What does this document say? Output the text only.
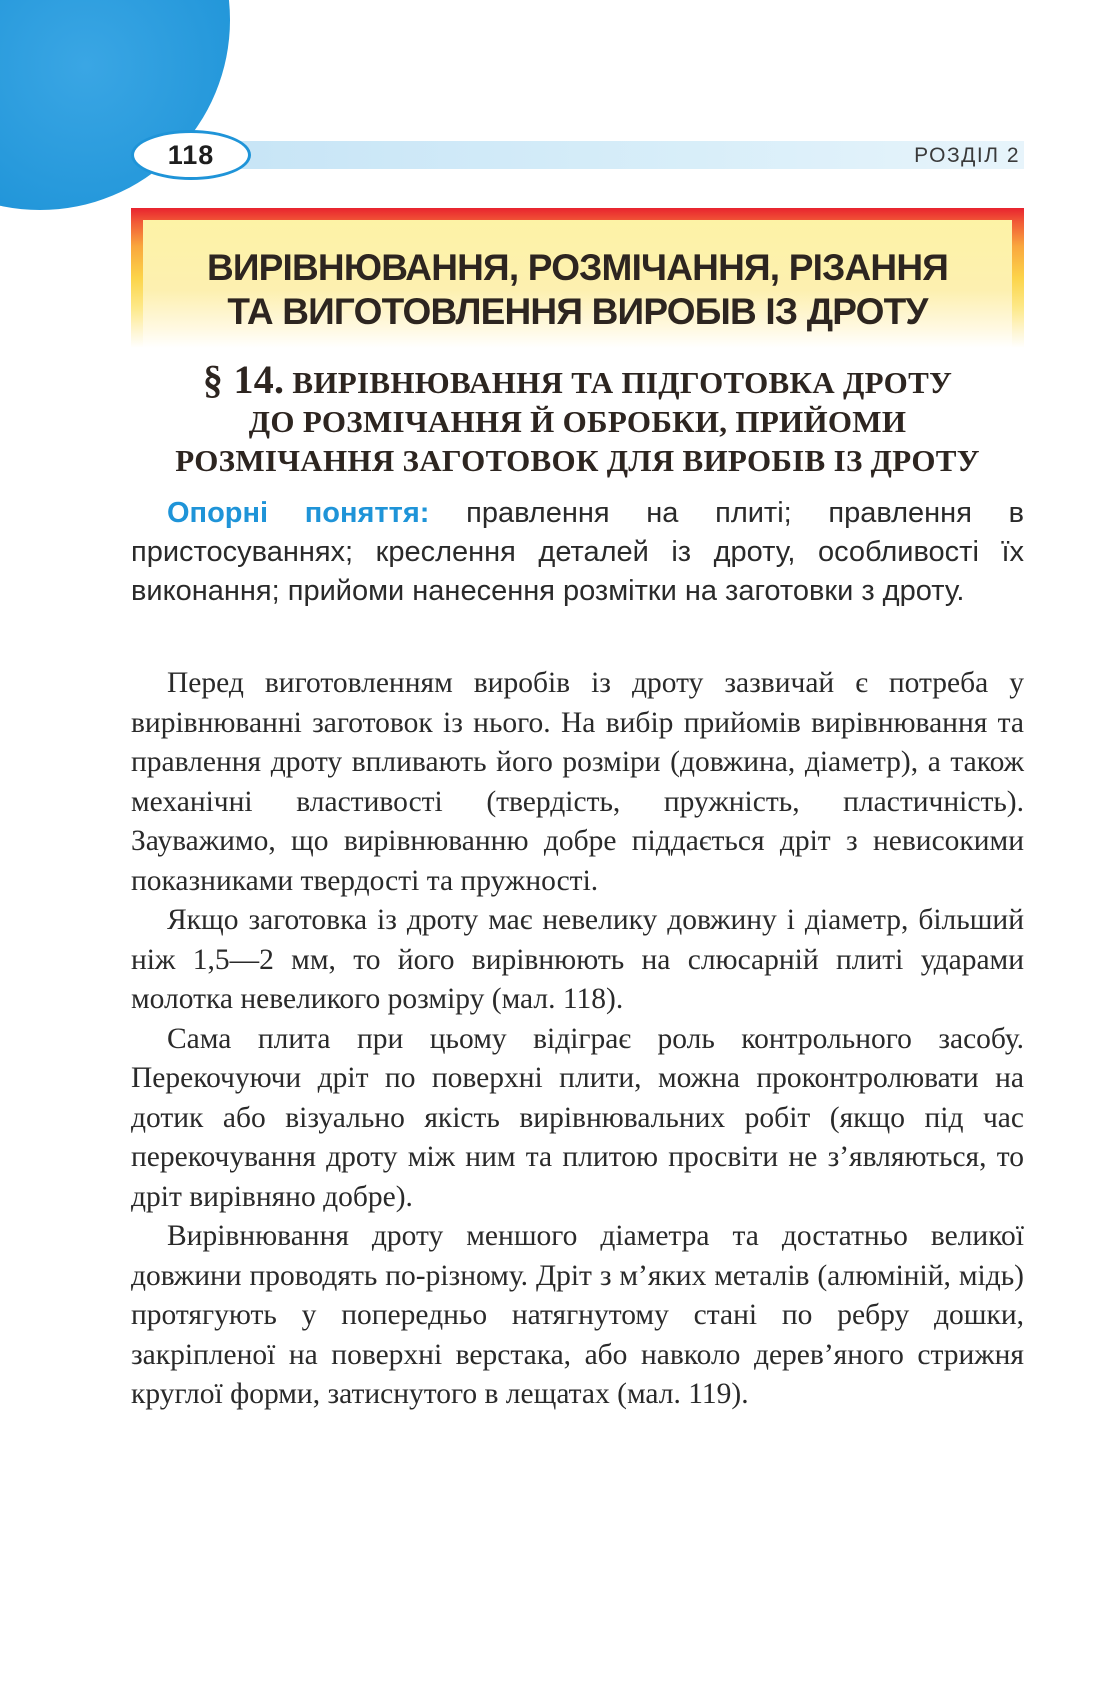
118	РОЗДІЛ 2
ВИРІВНЮВАННЯ, РОЗМІЧАННЯ, РІЗАННЯ
ТА ВИГОТОВЛЕННЯ ВИРОБІВ ІЗ ДРОТУ
§ 14. ВИРІВНЮВАННЯ ТА ПІДГОТОВКА ДРОТУ
ДО РОЗМІЧАННЯ Й ОБРОБКИ, ПРИЙОМИ
РОЗМІЧАННЯ ЗАГОТОВОК ДЛЯ ВИРОБІВ ІЗ ДРОТУ
Опорні поняття: правлення на плиті; правлення в пристосуваннях; креслення деталей із дроту, особливості їх виконання; прийоми нанесення розмітки на заготовки з дроту.

Перед виготовленням виробів із дроту зазвичай є потреба у вирівнюванні заготовок із нього. На вибір прийомів вирівнювання та правлення дроту впливають його розміри (довжина, діаметр), а також механічні властивості (твердість, пружність, пластичність). Зауважимо, що вирівнюванню добре піддається дріт з невисокими показниками твердості та пружності.

Якщо заготовка із дроту має невелику довжину і діаметр, більший ніж 1,5—2 мм, то його вирівнюють на слюсарній плиті ударами молотка невеликого розміру (мал. 118).

Сама плита при цьому відіграє роль контрольного засобу. Перекочуючи дріт по поверхні плити, можна проконтролювати на дотик або візуально якість вирівнювальних робіт (якщо під час перекочування дроту між ним та плитою просвіти не з’являються, то дріт вирівняно добре).

Вирівнювання дроту меншого діаметра та достатньо великої довжини проводять по-різному. Дріт з м’яких металів (алюміній, мідь) протягують у попередньо натягнутому стані по ребру дошки, закріпленої на поверхні верстака, або навколо дерев’яного стрижня круглої форми, затиснутого в лещатах (мал. 119).
